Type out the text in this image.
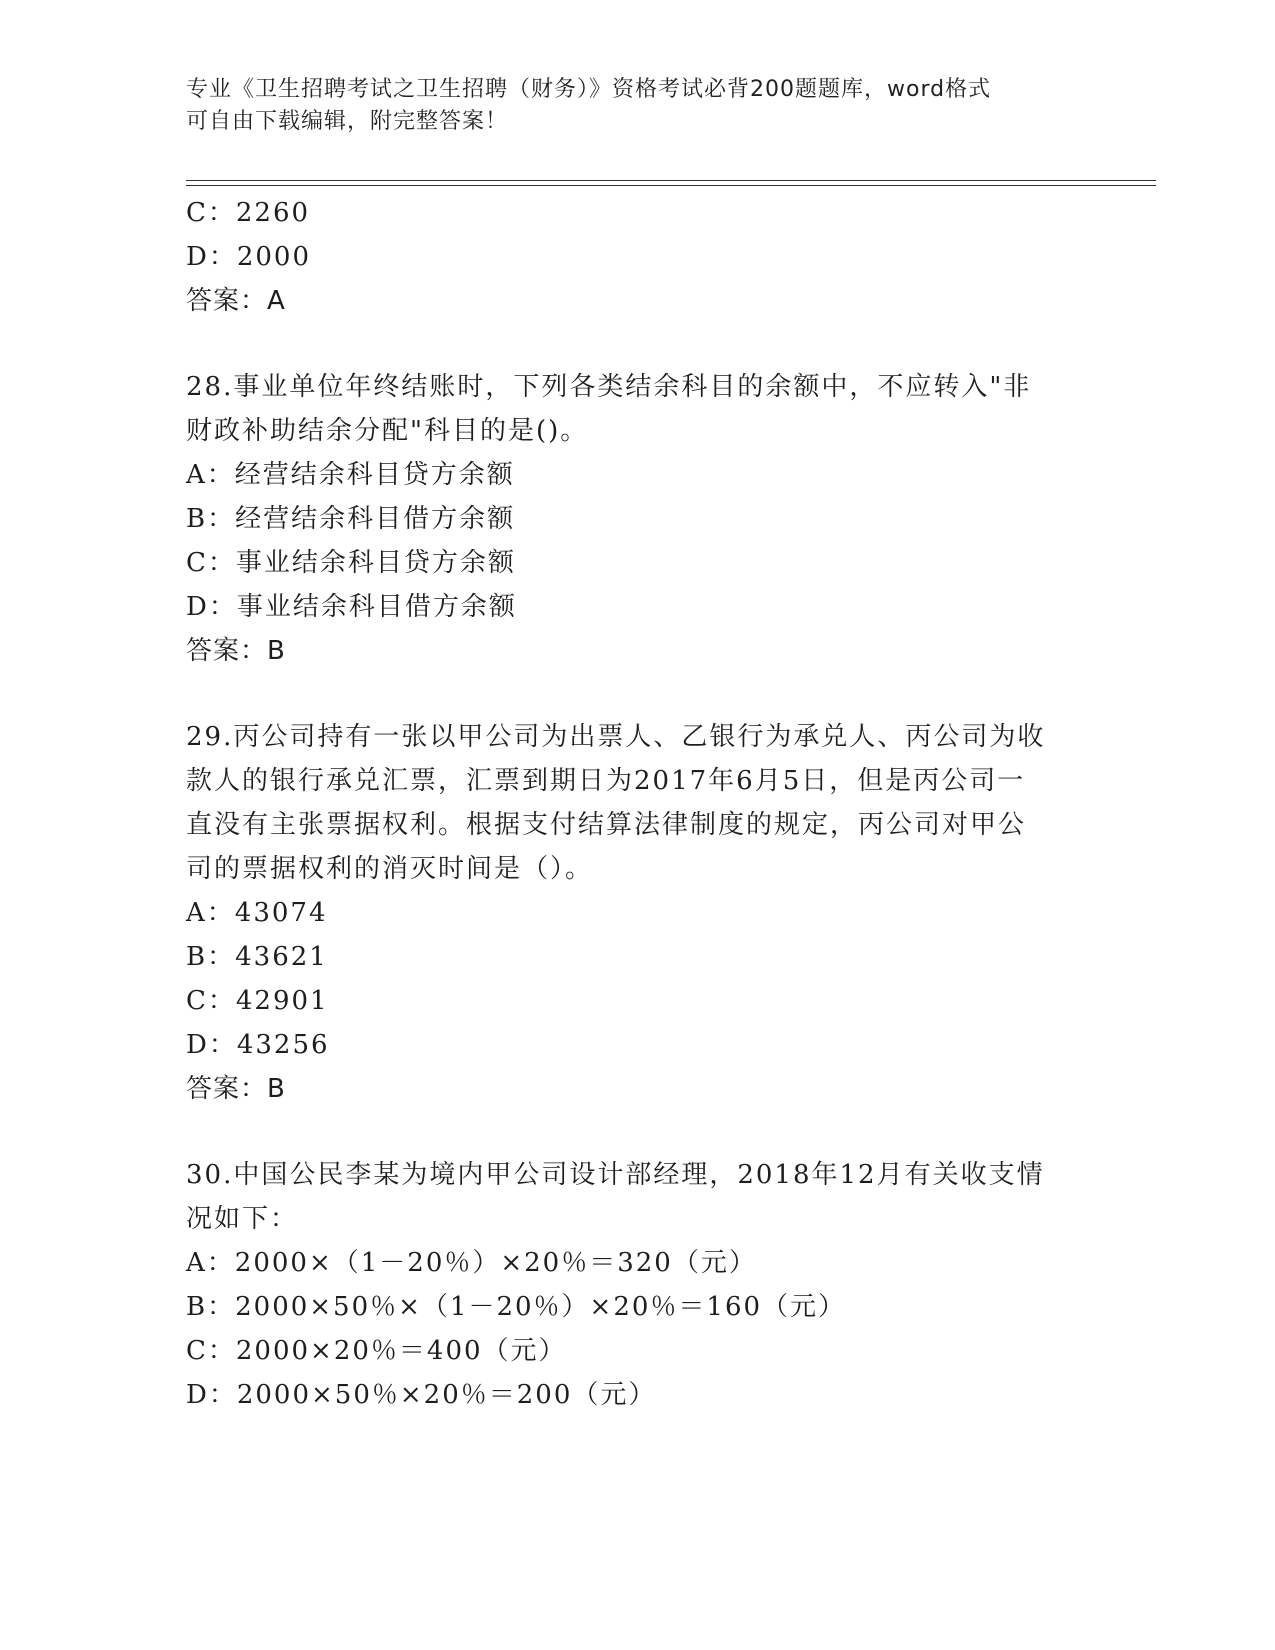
专业《卫生招聘考试之卫生招聘（财务）》资格考试必背200题题库，word格式
可自由下载编辑，附完整答案！
C：2260
D：2000
答案：A
28.事业单位年终结账时，下列各类结余科目的余额中，不应转入"非
财政补助结余分配"科目的是()。
A：经营结余科目贷方余额
B：经营结余科目借方余额
C：事业结余科目贷方余额
D：事业结余科目借方余额
答案：B
29.丙公司持有一张以甲公司为出票人、乙银行为承兑人、丙公司为收
款人的银行承兑汇票，汇票到期日为2017年6月5日，但是丙公司一
直没有主张票据权利。根据支付结算法律制度的规定，丙公司对甲公
司的票据权利的消灭时间是（）。
A：43074
B：43621
C：42901
D：43256
答案：B
30.中国公民李某为境内甲公司设计部经理，2018年12月有关收支情
况如下：
A：2000×（1－20％）×20％＝320（元）
B：2000×50％×（1－20％）×20％＝160（元）
C：2000×20％＝400（元）
D：2000×50％×20％＝200（元）
